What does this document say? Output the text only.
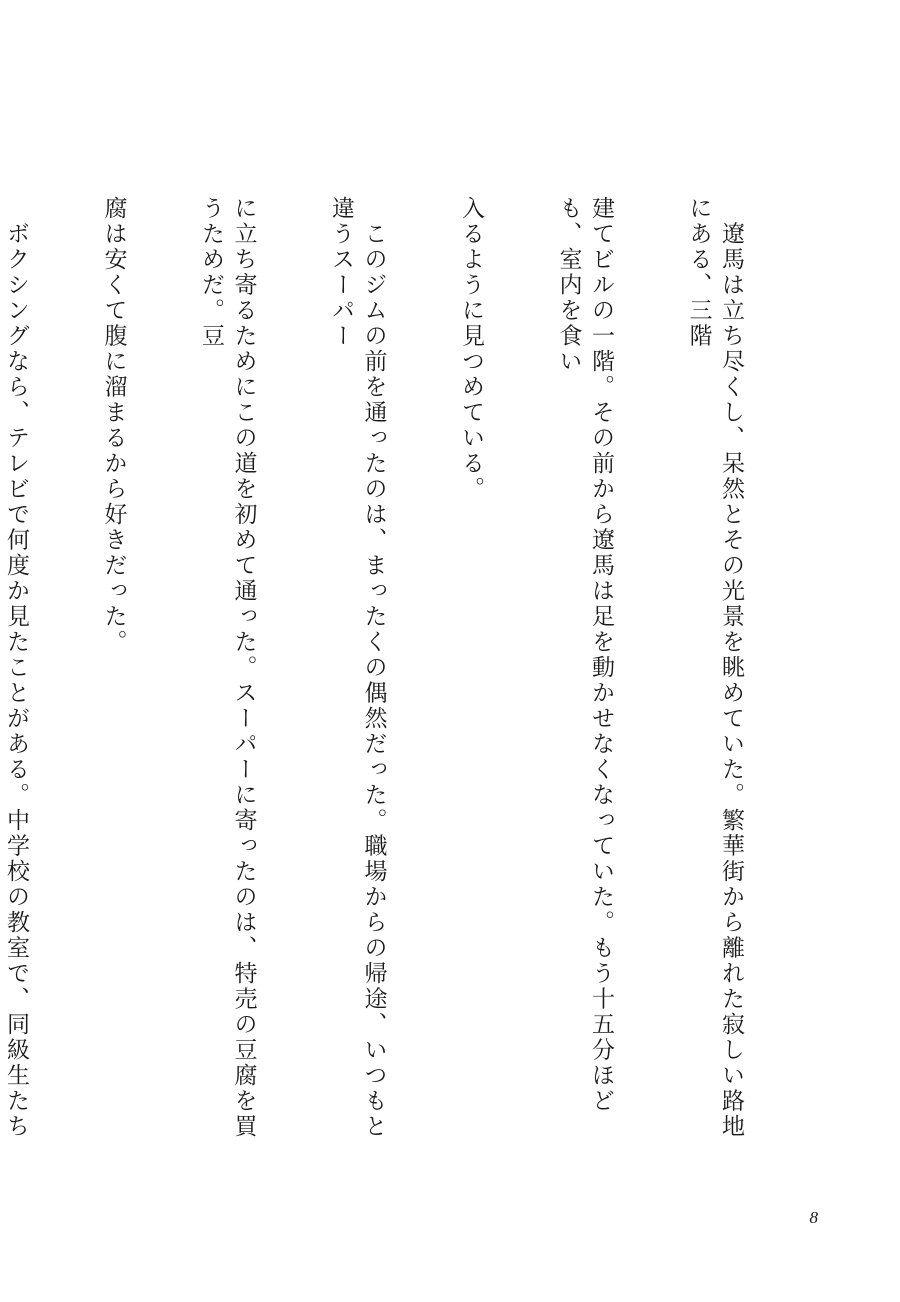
　遼馬は立ち尽くし、呆然とその光景を眺めていた。繁華街から離れた寂しい路地にある、三階

建てビルの一階。その前から遼馬は足を動かせなくなっていた。もう十五分ほども、室内を食い

入るように見つめている。

　このジムの前を通ったのは、まったくの偶然だった。職場からの帰途、いつもと違うスーパー

に立ち寄るためにこの道を初めて通った。スーパーに寄ったのは、特売の豆腐を買うためだ。豆

腐は安くて腹に溜まるから好きだった。

　ボクシングなら、テレビで何度か見たことがある。中学校の教室で、同級生たち

8
